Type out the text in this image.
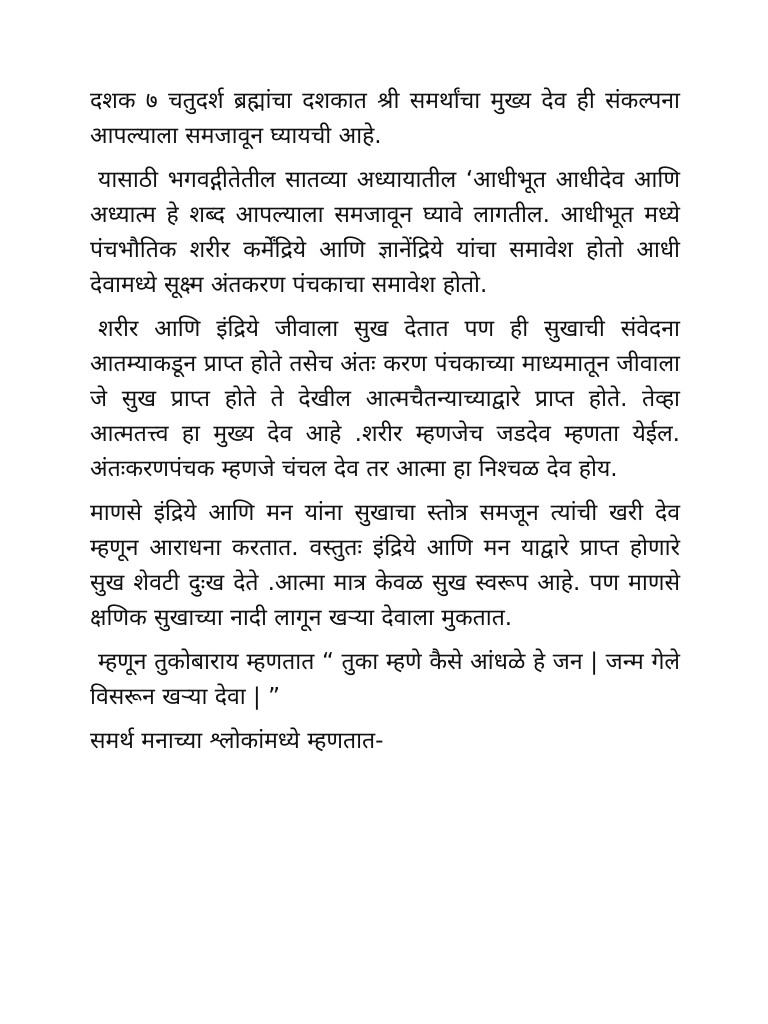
दशक ७ चतुदर्श ब्रह्मांचा दशकात श्री समर्थांचा मुख्य देव ही संकल्पना आपल्याला समजावून घ्यायची आहे.

यासाठी भगवद्गीतेतील सातव्या अध्यायातील ‘आधीभूत आधीदेव आणि अध्यात्म हे शब्द आपल्याला समजावून घ्यावे लागतील. आधीभूत मध्ये पंचभौतिक शरीर कर्मेंद्रिये आणि ज्ञानेंद्रिये यांचा समावेश होतो आधी देवामध्ये सूक्ष्म अंतकरण पंचकाचा समावेश होतो.

शरीर आणि इंद्रिये जीवाला सुख देतात पण ही सुखाची संवेदना आतम्याकडून प्राप्त होते तसेच अंतः करण पंचकाच्या माध्यमातून जीवाला जे सुख प्राप्त होते ते देखील आत्मचैतन्याच्याद्वारे प्राप्त होते. तेव्हा आत्मतत्त्व हा मुख्य देव आहे .शरीर म्हणजेच जडदेव म्हणता येईल. अंतःकरणपंचक म्हणजे चंचल देव तर आत्मा हा निश्चळ देव होय.

माणसे इंद्रिये आणि मन यांना सुखाचा स्तोत्र समजून त्यांची खरी देव म्हणून आराधना करतात. वस्तुतः इंद्रिये आणि मन याद्वारे प्राप्त होणारे सुख शेवटी दुःख देते .आत्मा मात्र केवळ सुख स्वरूप आहे. पण माणसे क्षणिक सुखाच्या नादी लागून खऱ्या देवाला मुकतात.

म्हणून तुकोबाराय म्हणतात “ तुका म्हणे कैसे आंधळे हे जन | जन्म गेले विसरून खऱ्या देवा | ”

समर्थ मनाच्या श्लोकांमध्ये म्हणतात-
